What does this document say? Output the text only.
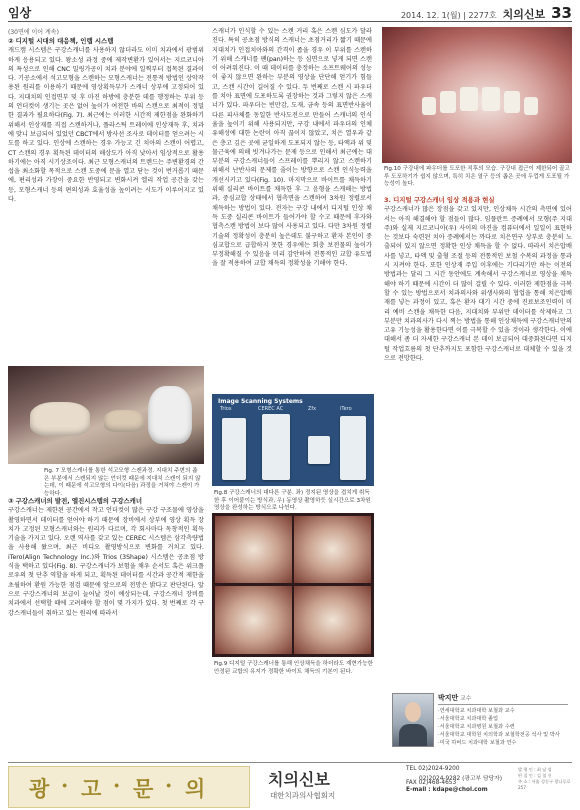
임상	2014. 12. 1(월) | 2277호 치의신보 33

(30면에 이어 계속)

② 디지털 시대의 대응책, 인랩 시스템

캐드캠 시스템은 구강스캐너를 사용하지 않더라도 이미 치과에서 광범위하게 응용되고 있다. 왕소성 과정 중에 제작변환가 있어서는 지르코니아의 특성으로 인해 CNC 밀링가공이 치과 분야에 일찍부터 접목된 결과이다. 기공소에서 석고모형을 스캔하는 모형스캐너는 전통적 방법인 상악작용된 원리를 이용하기 때문에 영상획득부가 스캐너 상부에 고정되어 있다. 지대치의 인접면부 및 후 마진 하방에 충분한 데를 행정하는 부위 등의 언더컷이 생기는 곳은 없어 높이가 여전한 바의 스캔으로 최적이 정밀한 결과가 필요하다(Fig. 7). 최근에는 이러한 시간적 제한점을 완화하기 위해서 인상재를 직접 스캔하거나, 플라스틱 트레이에 인상재득 후, 치과에 맞니 보급되어 있었던 CBCT에서 방사선 조사로 데이터를 얻으려는 시도를 하고 있다. 인상에 스캔하는 경우 가능고 긴 치아의 스캔이 어렵고, CT 스캔의 경우 획득된 데이터의 해상도가 아직 낮아서 임상적으로 활용하기에는 아직 시기상조이다. 최근 모형스캐너의 트렌드는 주변환경의 간섭을 최소화할 목적으로 스캔 도중에 문을 열고 닫는 것이 번거롭기 때문에, 편리성과 가장이 중요한 반영되고 변화시켜 엘리 작업 공간을 갖는 등, 모형스캐너 등의 편의성과 효율성을 높이려는 시도가 이루어지고 있다.

Fig. 7 모형스캐너를 통한 석고모형 스캔과정. 지대치 주변의 좁은 부분에서 스캔되지 않는 언더컷 때문에 지대치 스캔이 되지 않는데, 이 때문에 석고모형의 다이(다음) 과정을 거쳐야 스캔이 가능하다.

③ 구강스캐너의 발전, 엘진시스템의 구강스캐너

구강스캐너는 제한된 공간에서 작고 언더컷이 많은 구강 구조물에 영상을 촬영하면서 데이터를 얻어야 하기 때문에 장비에서 상부에 영상 획득 장치가 고정된 모형스캐너와는 원리가 다르며, 각 회사마다 독창적인 획득 기술을 가지고 있다. 오랜 역사를 갖고 있는 CEREC 시스템은 삼각측량법을 사용해 왔으며, 최근 비디오 촬영방식으로 변화를 거치고 있다. iTero(Align Technology Inc.)와 Trios (3Shape) 시스템은 공초점 방식을 택하고 있다(Fig. 8). 구강스캐너가 보험을 채우 순서도 혹은 위크플로우의 첫 단추 역할을 하게 되고, 획득된 데이터를 시간과 공간적 제한을 초월하여 환원 가능한 점검 때문에 앞으로의 전망은 밝다고 판단된다. 앞으로 구강스캐너의 보급이 늘어날 것이 예상되는데, 구강스캐너 장비를 치과에서 선택할 때에 고려해야 할 점이 몇 가지가 있다. 첫 번째로 각 구강스캐너들이 취하고 있는 원리에 따라서

스캐너가 인식할 수 있는 스캔 거리 혹은 스캔 심도가 달라진다. 특히 공초점 방식의 스캐너는 초점거리가 짧기 때문에 지대치가 인접치아와의 간격이 좁을 경우 이 부위를 스캔하기 위해 스캐너를 팬(pan)하는 등 심면으로 넣게 되면 스캔이 어려워진다. 이 때 데이터를 충정하는 소프트웨어의 성능이 좋지 않으면 완하는 부분의 영상을 단단해 얻기가 힘들고, 스캔 시간이 길어질 수 있다. 두 번째로 스캔 시 파우더를 치아 표면에 도포하도록 권장하는 것과 그렇지 않은 스캐너가 있다. 파우더는 빈만감, 도재, 금속 등의 표면반사율이 다른 피사체를 동일한 반사도전으로 만들어 스캐너의 인식율을 높이기 위해 사용되지만, 구강 내에서 파우더의 인체 유해성에 대한 논란이 아직 끊이지 않았고, 치은 열우과 같은 층고 깊은 곳에 균일하게 도포되지 않는 등, 타액과 위 및 물근육에 의해 빗겨나가는 문제 등으로 인해서 최근에는 대부분의 구강스캐너들이 스프레이를 뿌리지 않고 스캔하기 위해서 난반사의 문제를 줄이는 방향으로 스캔 인식능력을 개선시키고 있다(Fig. 10). 마지막으로 바이트를 채득하기 위해 실리콘 바이트를 채득한 후 그 음형을 스캐해는 방법과, 중심교합 상태에서 협측면을 스캔하여 3차원 정렬로서 채득하는 방법이 있다. 전자는 구강 내에서 디지털 인상 채득 도중 실리콘 바이트가 들어가야 할 수고 때문에 후자와 협측스캔 방법이 보다 많이 사용되고 있다. 다만 3차원 정렬 기술의 정확성이 충분히 높은데도 불구하고 환자 본인이 중심교합으로 급합하지 못한 경우에는 회충 보전물의 높이가 부정확해질 수 있음을 미리 감안하여 전통적인 교합 유도법을 잘 적용하여 교합 채득의 정확성을 기해야 한다.

Image Scanning Systems
Trios	CEREC AC	Zfx	iTero
Fig.8 구강스캐너의 대다른 구분. 좌) 정지된 영상을 겹치게 취득한 후 이어붙이는 방식과, 우) 동영상 촬영하듯 실시간으로 3차원 영상을 완성하는 방식으로 나뉜다.
Fig.9 디지털 구강스캐너를 통해 인상채득을 하더라도 재현가능한 안정된 교합의 유지가 정확한 바이트 채득의 기본이 된다.
Fig.10 구강내에 파우더를 도포한 직후의 모습. 구강내 접근이 제한되어 골고루 도포하기가 쉽지 않으며, 특히 치은 열구 등의 좁은 곳에 두껍게 도포될 가능성이 높다.

3. 디지털 구강스캐너 임상 적용과 현실

구강스캐너가 많은 장점을 갖고 있지만, 인상채득 시간의 측면에 있어서는 아직 해결해야 할 점들이 많다. 임플란트 증례에서 모형(주 지대주)와 실제 지르코니아(우) 사이의 마진을 컴퓨터에서 일일이 표현하는 것보다 숙련된 치아 증례에서는 까다로 치은연구 상부로 충분히 노출되어 있지 않으면 정확한 인상 채득을 할 수 없다. 따라서 치은압배사를 넣고, 타액 및 출혈 조절 등의 전통적인 보철 수복의 과정을 통과시 지켜야 한다. 또한 인상재 주입 이후에는 기다리기만 하는 이전의 방법과는 달리 그 시간 동안에도 계속해서 구강스캐너로 영상을 채득해야 하기 때문에 시간이 더 많이 걸릴 수 있다. 이러한 제한점을 극복할 수 있는 방법으로서 치과의사와 위생사와의 협업을 통해 치은압배재를 넣는 과정이 있고, 혹은 환자 대기 시간 중에 진료보조인력이 미리 예비 스캔을 채득한 다음, 지대치와 부위만 데이터를 삭제하고 그 부분만 치과의사가 다시 찍는 방법을 통해 인상채득에 구강스캐너만의 고유 기능성을 활용한다면 이를 극복할 수 있을 것이라 생각한다. 이에 대해서 좀 더 자세한 구강스캐너 본 데이 보급되어 대중화된다면 디지털 작업흐름의 첫 단추까지도 포함한 구강스캐너로 대체할 수 있을 것으로 전망한다.

박지만 교수
·연세대학교 치과대학 보철과 교수
·서울대학교 치과대학 졸업
·서울대학교 치과병원 보철과 수련
·서울대학교 대학원 치의학과 보철학전공 석사 및 박사
·미국 하버드 치과대학 보철과 연수
광 · 고 · 문 · 의	치의신보
대한치과의사협회지
TEL 02)2024-9200
02)2024-9282 (광고부 담당자)
FAX 02)468-4653
E-mail : kdape@chol.com
발 행 인 : 최 남 섭
편 집 인 : 김 철 신
주 소 : 서울 성동구 광나루로 257
